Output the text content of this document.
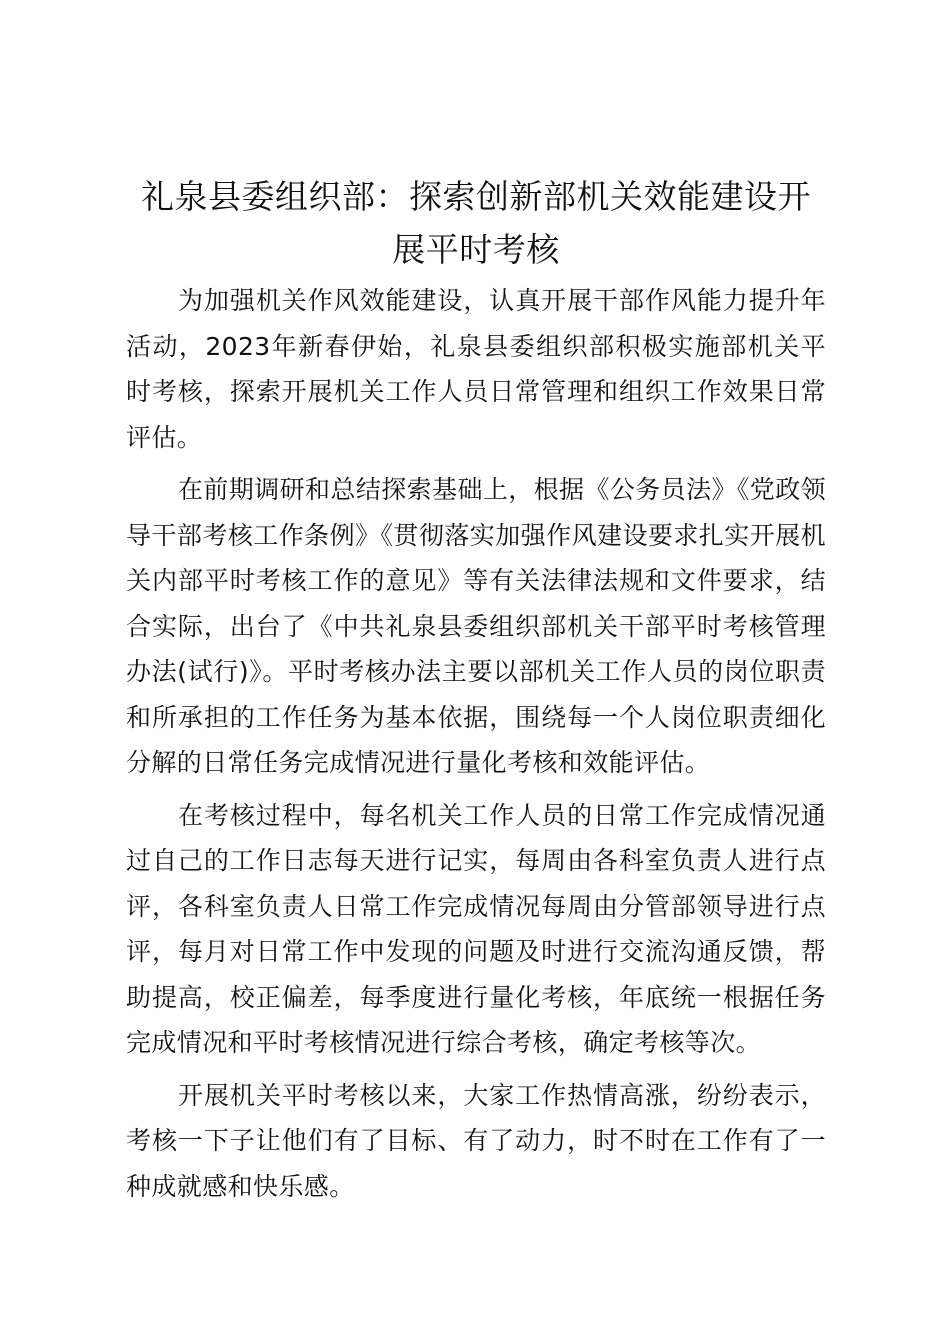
礼泉县委组织部：探索创新部机关效能建设开展平时考核

为加强机关作风效能建设，认真开展干部作风能力提升年活动，2023年新春伊始，礼泉县委组织部积极实施部机关平时考核，探索开展机关工作人员日常管理和组织工作效果日常评估。

在前期调研和总结探索基础上，根据《公务员法》《党政领导干部考核工作条例》《贯彻落实加强作风建设要求扎实开展机关内部平时考核工作的意见》等有关法律法规和文件要求，结合实际，出台了《中共礼泉县委组织部机关干部平时考核管理办法(试行)》。平时考核办法主要以部机关工作人员的岗位职责和所承担的工作任务为基本依据，围绕每一个人岗位职责细化分解的日常任务完成情况进行量化考核和效能评估。

在考核过程中，每名机关工作人员的日常工作完成情况通过自己的工作日志每天进行记实，每周由各科室负责人进行点评，各科室负责人日常工作完成情况每周由分管部领导进行点评，每月对日常工作中发现的问题及时进行交流沟通反馈，帮助提高，校正偏差，每季度进行量化考核，年底统一根据任务完成情况和平时考核情况进行综合考核，确定考核等次。

开展机关平时考核以来，大家工作热情高涨，纷纷表示，考核一下子让他们有了目标、有了动力，时不时在工作有了一种成就感和快乐感。
